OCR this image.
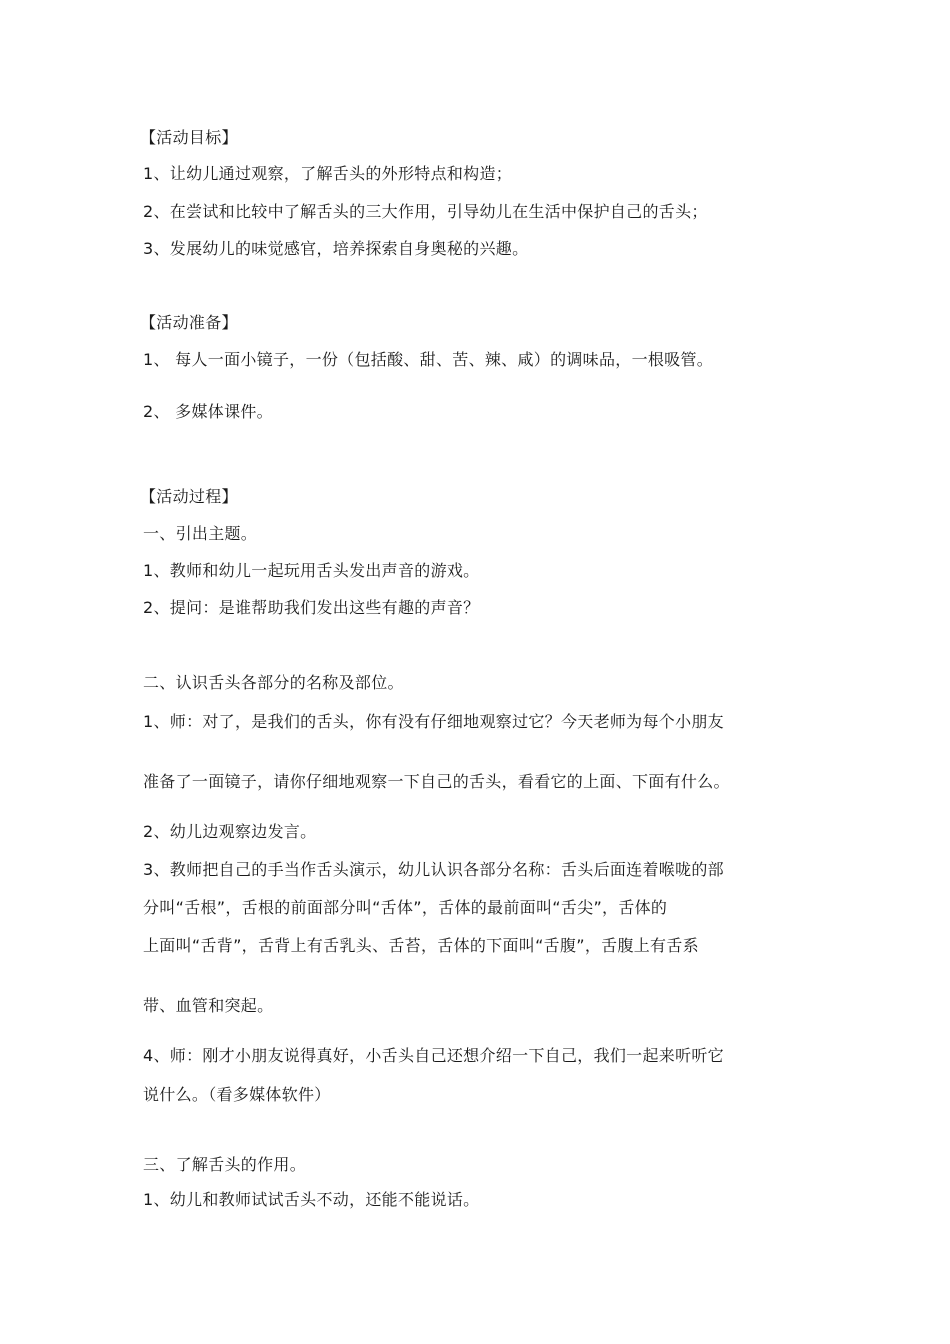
【活动目标】
1、让幼儿通过观察，了解舌头的外形特点和构造；
2、在尝试和比较中了解舌头的三大作用，引导幼儿在生活中保护自己的舌头；
3、发展幼儿的味觉感官，培养探索自身奥秘的兴趣。
【活动准备】
1、 每人一面小镜子，一份（包括酸、甜、苦、辣、咸）的调味品，一根吸管。
2、 多媒体课件。
【活动过程】
一、引出主题。
1、教师和幼儿一起玩用舌头发出声音的游戏。
2、提问：是谁帮助我们发出这些有趣的声音？
二、认识舌头各部分的名称及部位。
1、师：对了，是我们的舌头，你有没有仔细地观察过它？今天老师为每个小朋友
准备了一面镜子，请你仔细地观察一下自己的舌头，看看它的上面、下面有什么。
2、幼儿边观察边发言。
3、教师把自己的手当作舌头演示，幼儿认识各部分名称：舌头后面连着喉咙的部
分叫“舌根”，舌根的前面部分叫“舌体”，舌体的最前面叫“舌尖”，舌体的
上面叫“舌背”，舌背上有舌乳头、舌苔，舌体的下面叫“舌腹”，舌腹上有舌系
带、血管和突起。
4、师：刚才小朋友说得真好，小舌头自己还想介绍一下自己，我们一起来听听它
说什么。（看多媒体软件）
三、了解舌头的作用。
1、幼儿和教师试试舌头不动，还能不能说话。
